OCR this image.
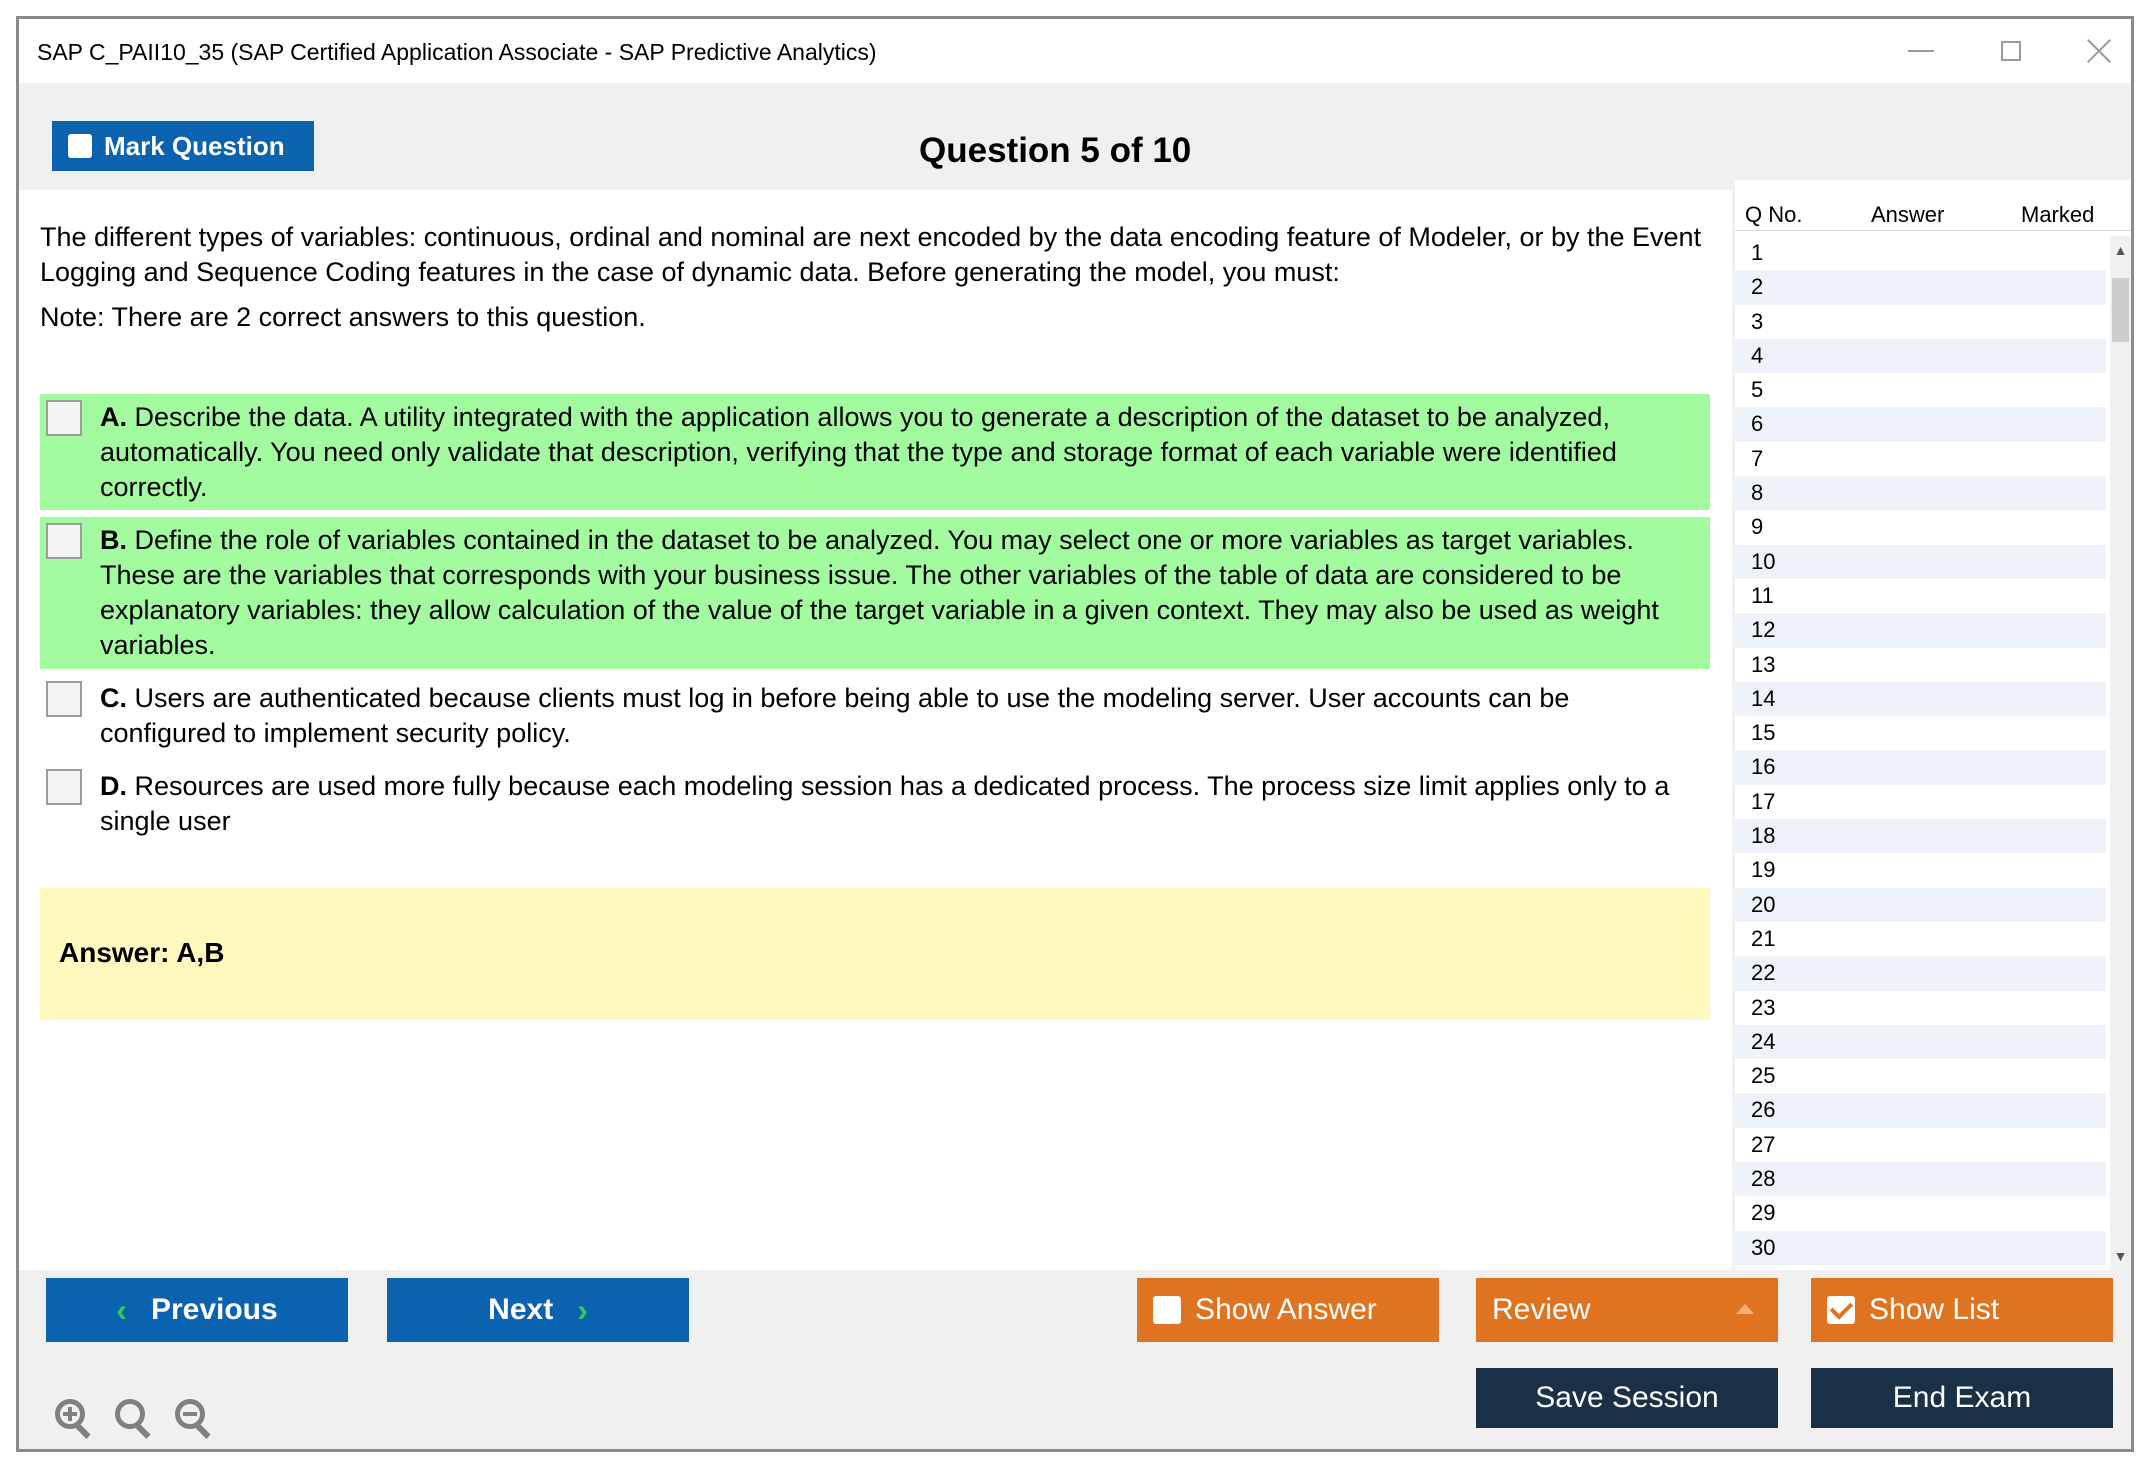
SAP C_PAII10_35 (SAP Certified Application Associate - SAP Predictive Analytics)
Mark Question	Question 5 of 10
The different types of variables: continuous, ordinal and nominal are next encoded by the data encoding feature of Modeler, or by the Event Logging and Sequence Coding features in the case of dynamic data. Before generating the model, you must:
Note: There are 2 correct answers to this question.
A. Describe the data. A utility integrated with the application allows you to generate a description of the dataset to be analyzed, automatically. You need only validate that description, verifying that the type and storage format of each variable were identified correctly.
B. Define the role of variables contained in the dataset to be analyzed. You may select one or more variables as target variables. These are the variables that corresponds with your business issue. The other variables of the table of data are considered to be explanatory variables: they allow calculation of the value of the target variable in a given context. They may also be used as weight variables.
C. Users are authenticated because clients must log in before being able to use the modeling server. User accounts can be configured to implement security policy.
D. Resources are used more fully because each modeling session has a dedicated process. The process size limit applies only to a single user
Answer: A,B
Q No.	Answer	Marked
1
2
3
4
5
6
7
8
9
10
11
12
13
14
15
16
17
18
19
20
21
22
23
24
25
26
27
28
29
30
▲
▼
‹ Previous	Next ›	Show Answer	Review	Show List
Save Session	End Exam
